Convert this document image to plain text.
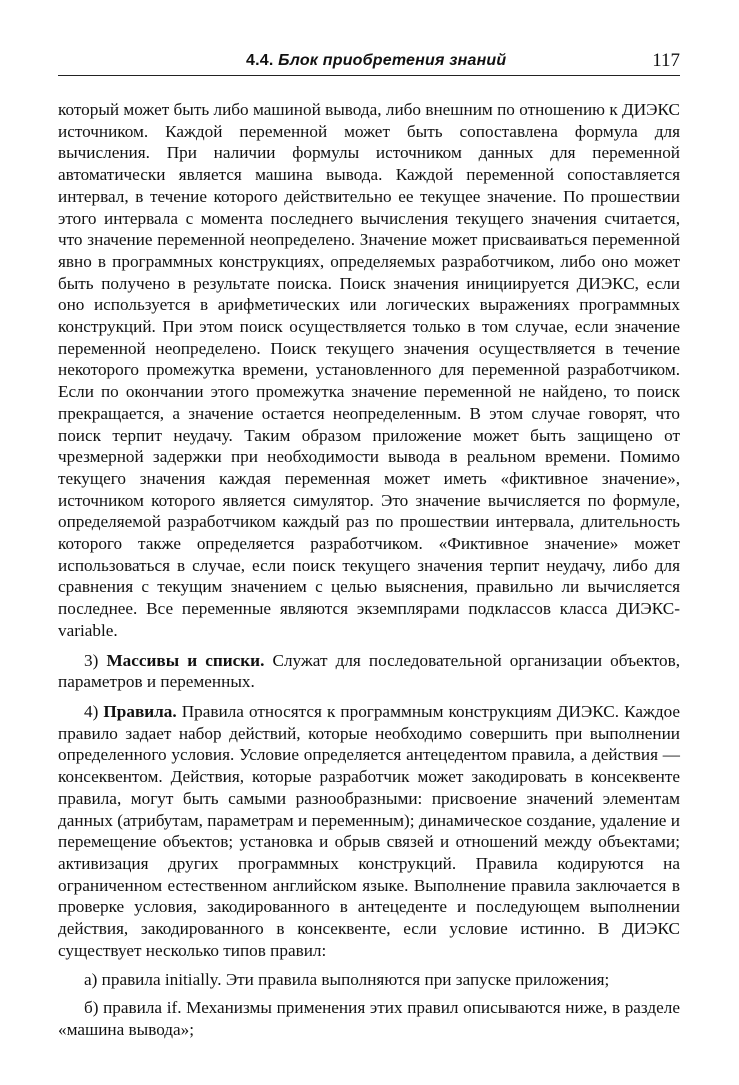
4.4. Блок приобретения знаний	117

который может быть либо машиной вывода, либо внешним по отношению к ДИЭКС источником. Каждой переменной может быть сопоставлена формула для вычисления. При наличии формулы источником данных для переменной автоматически является машина вывода. Каждой переменной сопоставляется интервал, в течение которого действительно ее текущее значение. По прошествии этого интервала с момента последнего вычисления текущего значения считается, что значение переменной неопределено. Значение может присваиваться переменной явно в программных конструкциях, определяемых разработчиком, либо оно может быть получено в результате поиска. Поиск значения инициируется ДИЭКС, если оно используется в арифметических или логических выражениях программных конструкций. При этом поиск осуществляется только в том случае, если значение переменной неопределено. Поиск текущего значения осуществляется в течение некоторого промежутка времени, установленного для переменной разработчиком. Если по окончании этого промежутка значение переменной не найдено, то поиск прекращается, а значение остается неопределенным. В этом случае говорят, что поиск терпит неудачу. Таким образом приложение может быть защищено от чрезмерной задержки при необходимости вывода в реальном времени. Помимо текущего значения каждая переменная может иметь «фиктивное значение», источником которого является симулятор. Это значение вычисляется по формуле, определяемой разработчиком каждый раз по прошествии интервала, длительность которого также определяется разработчиком. «Фиктивное значение» может использоваться в случае, если поиск текущего значения терпит неудачу, либо для сравнения с текущим значением с целью выяснения, правильно ли вычисляется последнее. Все переменные являются экземплярами подклассов класса ДИЭКС-variable.

3) Массивы и списки. Служат для последовательной организации объектов, параметров и переменных.

4) Правила. Правила относятся к программным конструкциям ДИЭКС. Каждое правило задает набор действий, которые необходимо совершить при выполнении определенного условия. Условие определяется антецедентом правила, а действия — консеквентом. Действия, которые разработчик может закодировать в консеквенте правила, могут быть самыми разнообразными: присвоение значений элементам данных (атрибутам, параметрам и переменным); динамическое создание, удаление и перемещение объектов; установка и обрыв связей и отношений между объектами; активизация других программных конструкций. Правила кодируются на ограниченном естественном английском языке. Выполнение правила заключается в проверке условия, закодированного в антецеденте и последующем выполнении действия, закодированного в консеквенте, если условие истинно. В ДИЭКС существует несколько типов правил:

а) правила initially. Эти правила выполняются при запуске приложения;

б) правила if. Механизмы применения этих правил описываются ниже, в разделе «машина вывода»;
